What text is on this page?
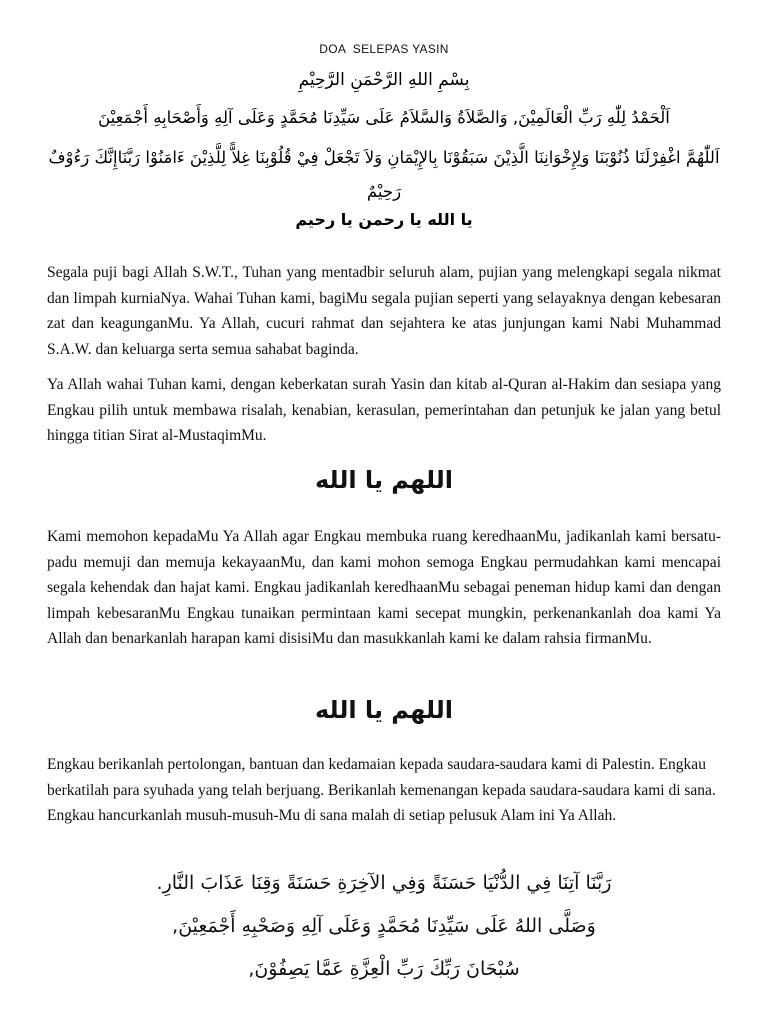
DOA  SELEPAS YASIN
بِسْمِ اللهِ الرَّحْمَنِ الرَّحِيْمِ
اَلْحَمْدُ لِلّٰهِ رَبِّ الْعَالَمِيْنَ, وَالصَّلاَةُ وَالسَّلاَمُ عَلَى سَيِّدِنَا مُحَمَّدٍ وَعَلَى آلِهِ وَأَصْحَابِهِ أَجْمَعِيْنَ
اَللّٰهُمَّ اغْفِرْلَنَا ذُنُوْبَنَا وَلِإِخْوَانِنَا الَّذِيْنَ سَبَقُوْنَا بِالإِيْمَانِ وَلاَ تَجْعَلْ فِيْ قُلُوْبِنَا غِلاًّ لِلَّذِيْنَ ءَامَنُوْا رَبَّنَاإِنَّكَ رَءُوْفٌ رَحِيْمٌ
يا الله يا رحمن يا رحيم

Segala puji bagi Allah S.W.T., Tuhan yang mentadbir seluruh alam, pujian yang melengkapi segala nikmat dan limpah kurniaNya. Wahai Tuhan kami, bagiMu segala pujian seperti yang selayaknya dengan kebesaran zat dan keagunganMu. Ya Allah, cucuri rahmat dan sejahtera ke atas junjungan kami Nabi Muhammad S.A.W. dan keluarga serta semua sahabat baginda.

Ya Allah wahai Tuhan kami, dengan keberkatan surah Yasin dan kitab al-Quran al-Hakim dan sesiapa yang Engkau pilih untuk membawa risalah, kenabian, kerasulan, pemerintahan dan petunjuk ke jalan yang betul hingga titian Sirat al-MustaqimMu.

اللهم يا الله

Kami memohon kepadaMu Ya Allah agar Engkau membuka ruang keredhaanMu, jadikanlah kami bersatu-padu memuji dan memuja kekayaanMu, dan kami mohon semoga Engkau permudahkan kami mencapai segala kehendak dan hajat kami. Engkau jadikanlah keredhaanMu sebagai peneman hidup kami dan dengan limpah kebesaranMu Engkau tunaikan permintaan kami secepat mungkin, perkenankanlah doa kami Ya Allah dan benarkanlah harapan kami disisiMu dan masukkanlah kami ke dalam rahsia firmanMu.

اللهم يا الله

Engkau berikanlah pertolongan, bantuan dan kedamaian kepada saudara-saudara kami di Palestin. Engkau berkatilah para syuhada yang telah berjuang. Berikanlah kemenangan kepada saudara-saudara kami di sana. Engkau hancurkanlah musuh-musuh-Mu di sana malah di setiap pelusuk Alam ini Ya Allah.

رَبَّنَا آتِنَا فِي الدُّنْيَا حَسَنَةً وَفِي الآخِرَةِ حَسَنَةً وَقِنَا عَذَابَ النَّارِ.
وَصَلَّى اللهُ عَلَى سَيِّدِنَا مُحَمَّدٍ وَعَلَى آلِهِ وَصَحْبِهِ أَجْمَعِيْنَ,
سُبْحَانَ رَبِّكَ رَبِّ الْعِزَّةِ عَمَّا يَصِفُوْنَ,
